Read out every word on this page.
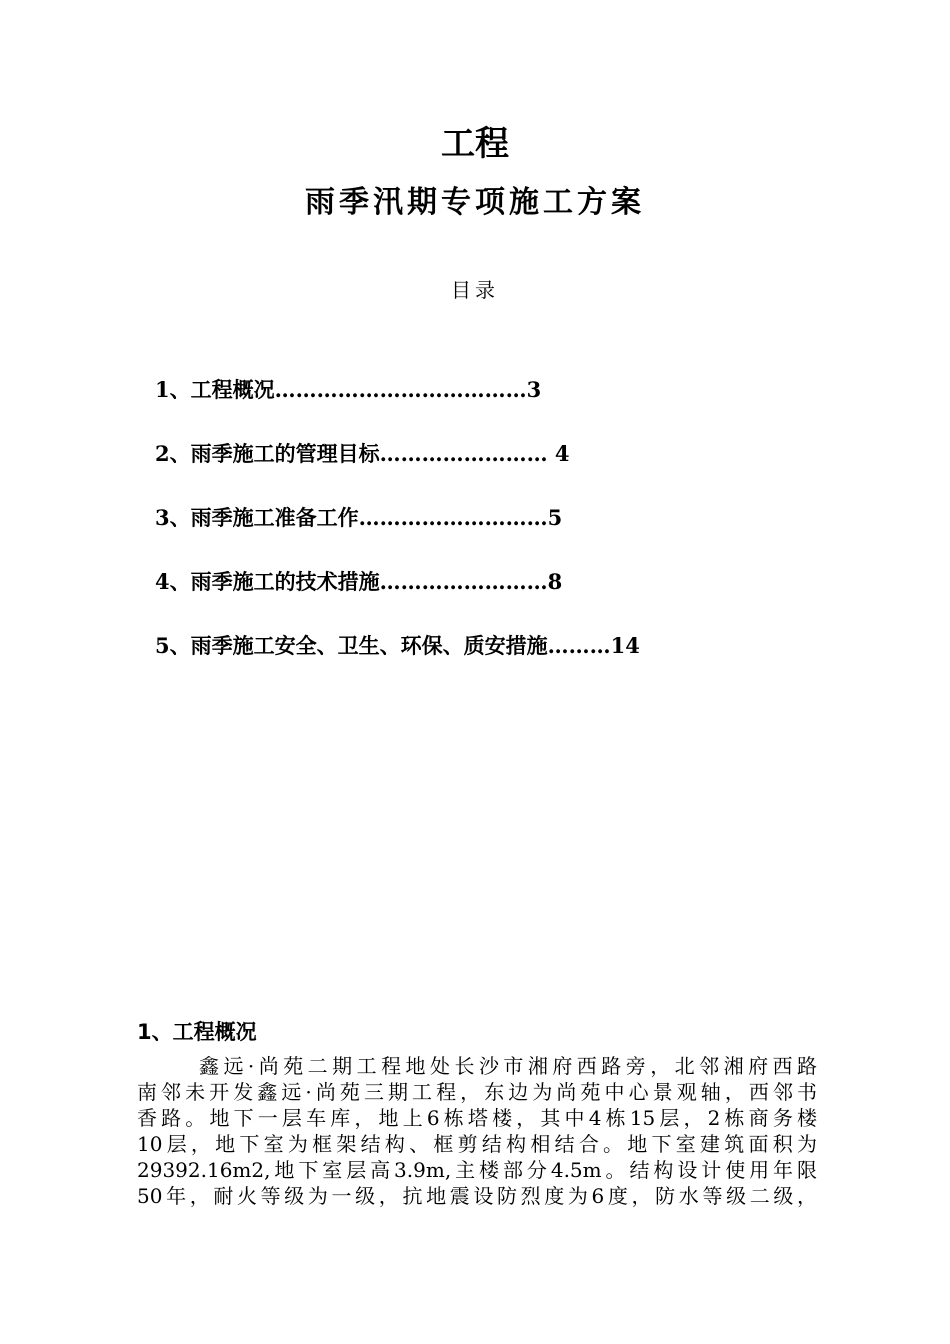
工程
雨季汛期专项施工方案
目录
1、工程概况………………………………3
2、雨季施工的管理目标…………………… 4
3、雨季施工准备工作………………………5
4、雨季施工的技术措施……………………8
5、雨季施工安全、卫生、环保、质安措施………14
1、工程概况
鑫远·尚苑二期工程地处长沙市湘府西路旁，北邻湘府西路
南邻未开发鑫远·尚苑三期工程，东边为尚苑中心景观轴，西邻书
香路。地下一层车库，地上6栋塔楼，其中4栋15层，2栋商务楼
10层，地下室为框架结构、框剪结构相结合。地下室建筑面积为
29392.16m2,地下室层高3.9m,主楼部分4.5m。结构设计使用年限
50年，耐火等级为一级，抗地震设防烈度为6度，防水等级二级，
